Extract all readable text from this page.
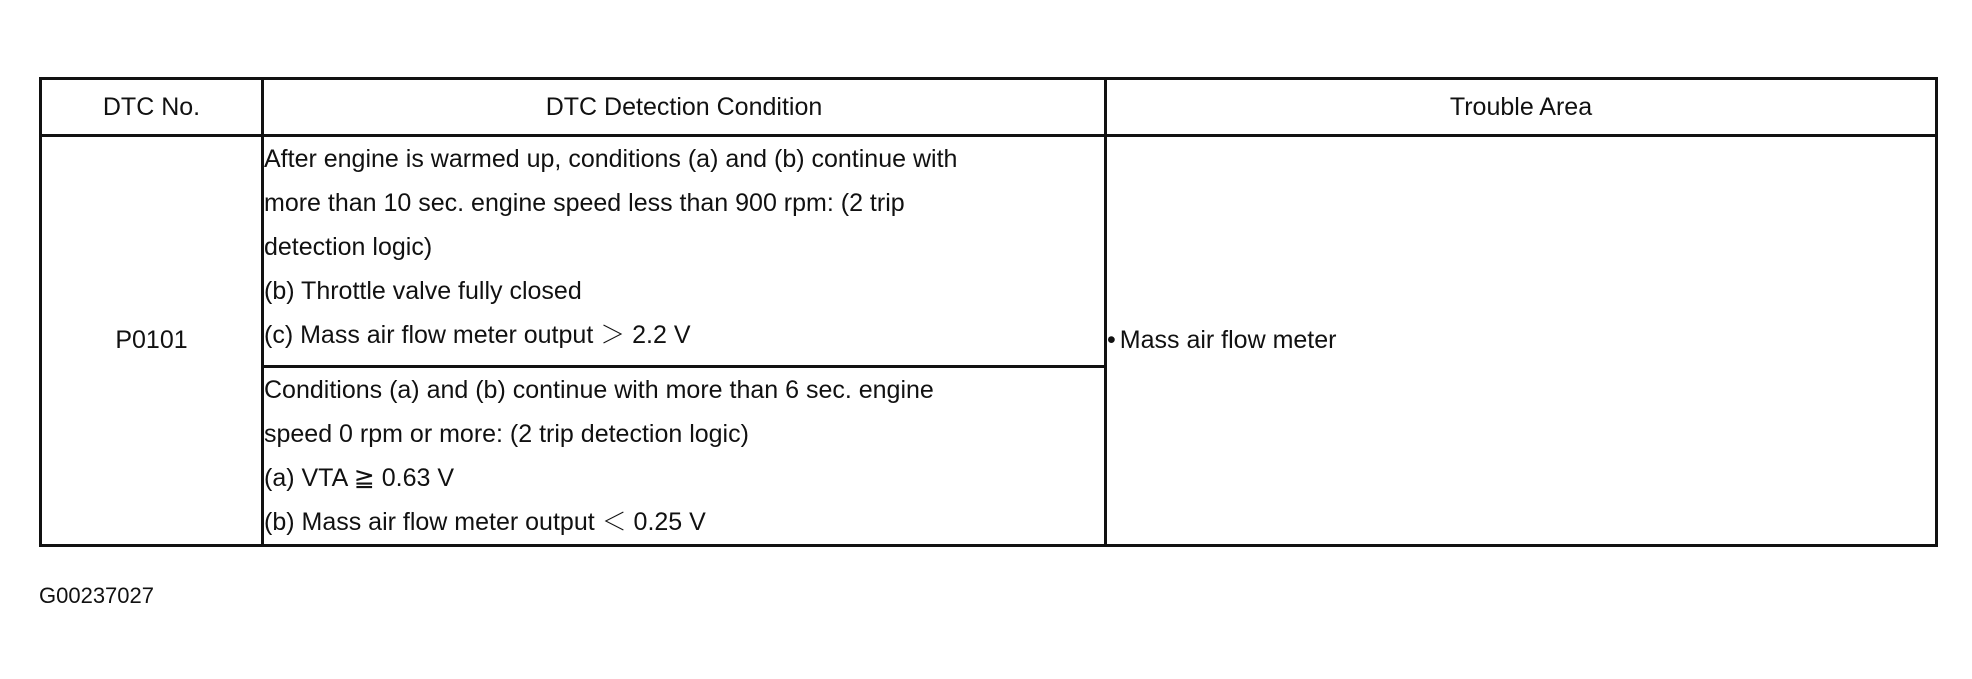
DTC No.	DTC Detection Condition	Trouble Area
P0101	After engine is warmed up, conditions (a) and (b) continue with
more than 10 sec. engine speed less than 900 rpm: (2 trip
detection logic)
(b) Throttle valve fully closed
(c) Mass air flow meter output ＞ 2.2 V	• Mass air flow meter

	Conditions (a) and (b) continue with more than 6 sec. engine
speed 0 rpm or more: (2 trip detection logic)
(a) VTA ≧ 0.63 V
(b) Mass air flow meter output ＜ 0.25 V	
G00237027
